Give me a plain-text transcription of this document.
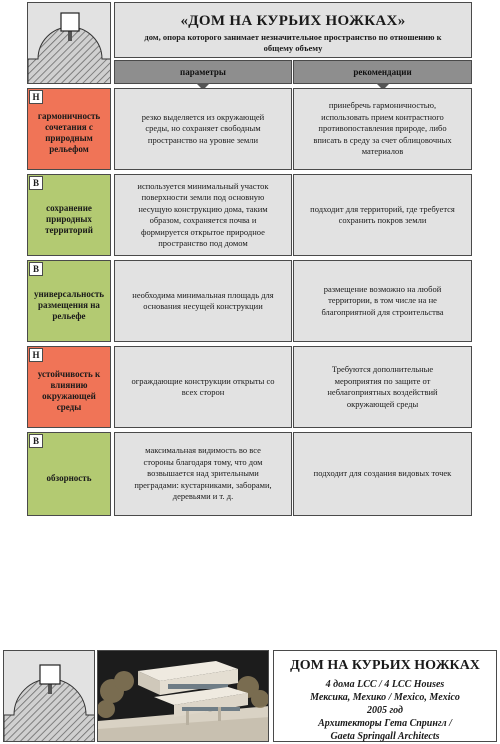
«ДОМ НА КУРЬИХ НОЖКАХ»
дом, опора которого занимает незначительное пространство по отношению к общему объему
параметры	рекомендации
Н
гармоничность сочетания с природным рельефом
резко выделяется из окружающей среды, но сохраняет свободным пространство на уровне земли
принебречь гармоничностью, использовать прием контрастного противопоставления природе, либо вписать в среду за счет облицовочных материалов
В
сохранение природных территорий
используется минимальный участок поверхности земли под основную несущую конструкцию дома, таким образом, сохраняется почва и формируется открытое природное пространство под домом
подходит для территорий, где требуется сохранить покров земли
В
универсальность размещения на рельефе
необходима минимальная площадь для основания несущей конструкции
размещение возможно на любой территории, в том числе на не благоприятной для строительства
Н
устойчивость к влиянию окружающей среды
ограждающие конструкции открыты со всех сторон
Требуются дополнительные мероприятия по защите от неблагоприятных воздействий окружающей среды
В
обзорность
максимальная видимость во все стороны благодаря тому, что дом возвышается над зрительными преградами: кустарниками, заборами, деревьями и т. д.
подходит для создания видовых точек
ДОМ НА КУРЬИХ НОЖКАХ
4 дома LCC / 4 LCC Houses
Мексика, Мехико / Mexico, Mexico
2005 год
Архитекторы Гета Спрингл /
Gaeta Springall Architects
